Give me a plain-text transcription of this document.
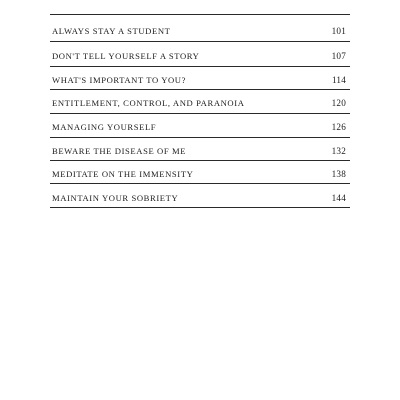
ALWAYS STAY A STUDENT	101
DON'T TELL YOURSELF A STORY	107
WHAT'S IMPORTANT TO YOU?	114
ENTITLEMENT, CONTROL, AND PARANOIA	120
MANAGING YOURSELF	126
BEWARE THE DISEASE OF ME	132
MEDITATE ON THE IMMENSITY	138
MAINTAIN YOUR SOBRIETY	144
